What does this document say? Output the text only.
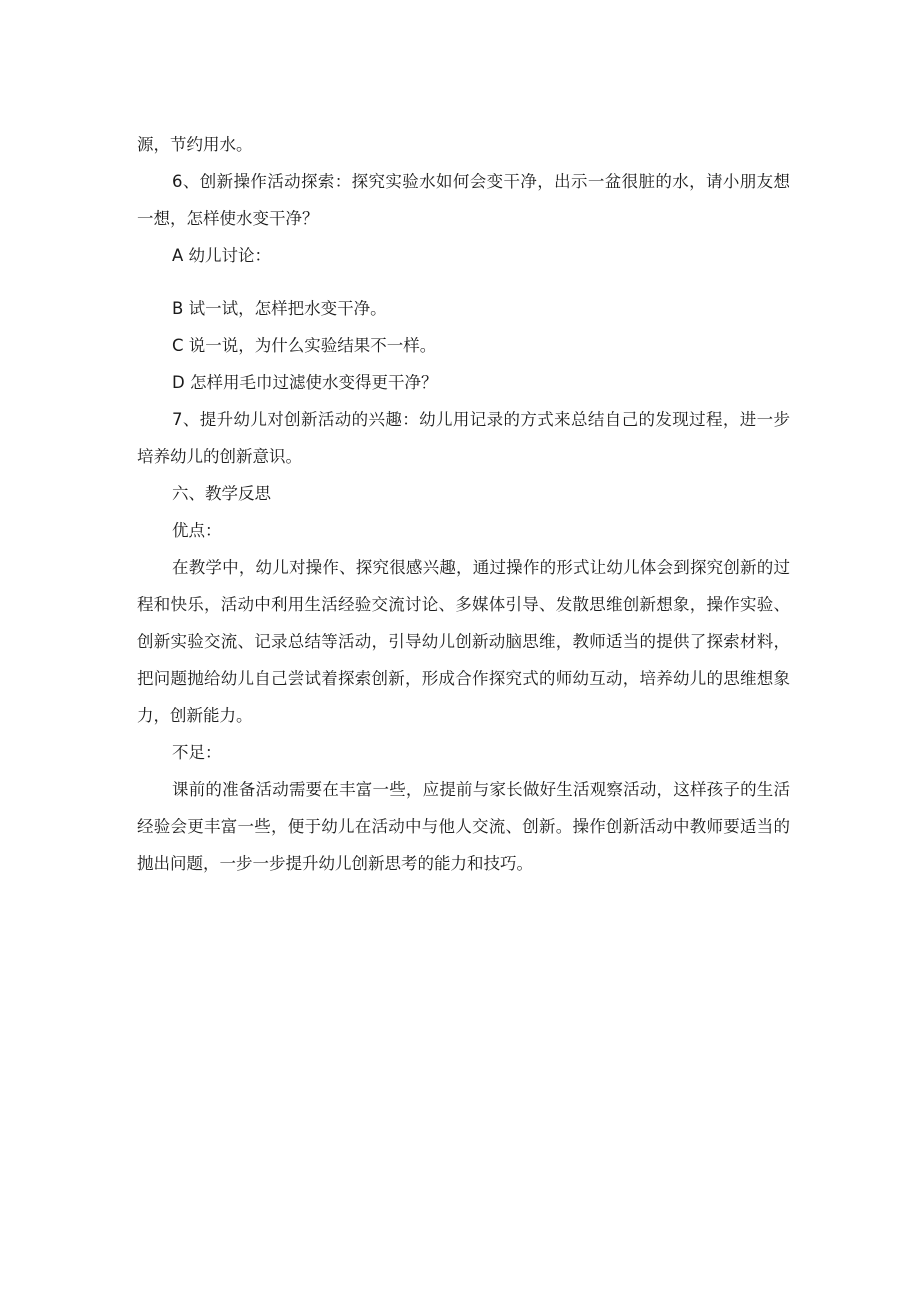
源，节约用水。

6、创新操作活动探索：探究实验水如何会变干净，出示一盆很脏的水，请小朋友想一想，怎样使水变干净？

A 幼儿讨论：

B 试一试，怎样把水变干净。

C 说一说，为什么实验结果不一样。

D 怎样用毛巾过滤使水变得更干净？

7、提升幼儿对创新活动的兴趣：幼儿用记录的方式来总结自己的发现过程，进一步培养幼儿的创新意识。

六、教学反思

优点：

在教学中，幼儿对操作、探究很感兴趣，通过操作的形式让幼儿体会到探究创新的过程和快乐，活动中利用生活经验交流讨论、多媒体引导、发散思维创新想象，操作实验、创新实验交流、记录总结等活动，引导幼儿创新动脑思维，教师适当的提供了探索材料，把问题抛给幼儿自己尝试着探索创新，形成合作探究式的师幼互动，培养幼儿的思维想象力，创新能力。

不足：

课前的准备活动需要在丰富一些，应提前与家长做好生活观察活动，这样孩子的生活经验会更丰富一些，便于幼儿在活动中与他人交流、创新。操作创新活动中教师要适当的抛出问题，一步一步提升幼儿创新思考的能力和技巧。
